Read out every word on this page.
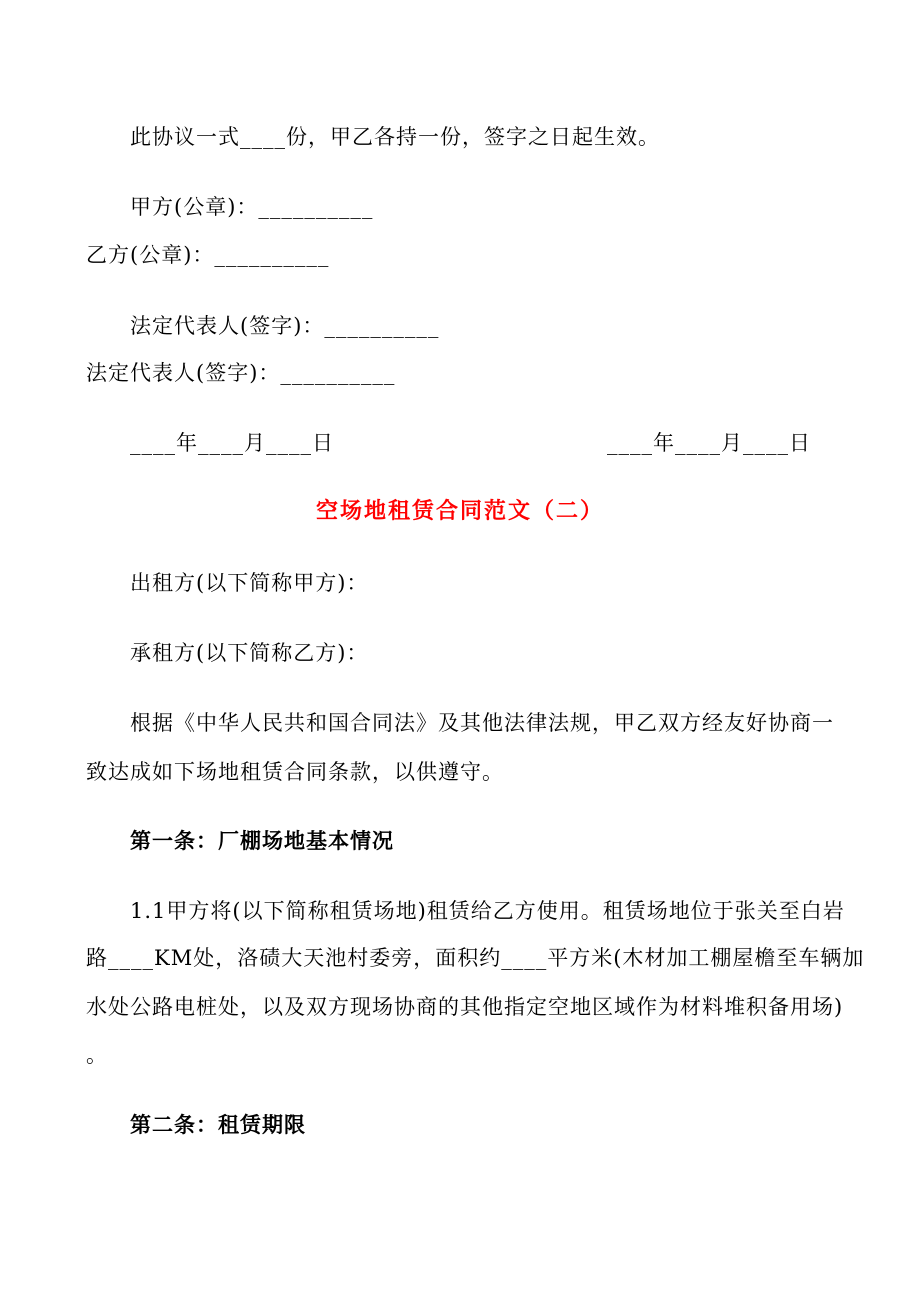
此协议一式____份，甲乙各持一份，签字之日起生效。
甲方(公章)：__________
乙方(公章)：__________
法定代表人(签字)：__________
法定代表人(签字)：__________
____年____月____日	____年____月____日
空场地租赁合同范文（二）
出租方(以下简称甲方)：
承租方(以下简称乙方)：
根据《中华人民共和国合同法》及其他法律法规，甲乙双方经友好协商一
致达成如下场地租赁合同条款，以供遵守。
第一条：厂棚场地基本情况
1.1甲方将(以下简称租赁场地)租赁给乙方使用。租赁场地位于张关至白岩
路____KM处，洛碛大天池村委旁，面积约____平方米(木材加工棚屋檐至车辆加
水处公路电桩处，以及双方现场协商的其他指定空地区域作为材料堆积备用场)
。
第二条：租赁期限
